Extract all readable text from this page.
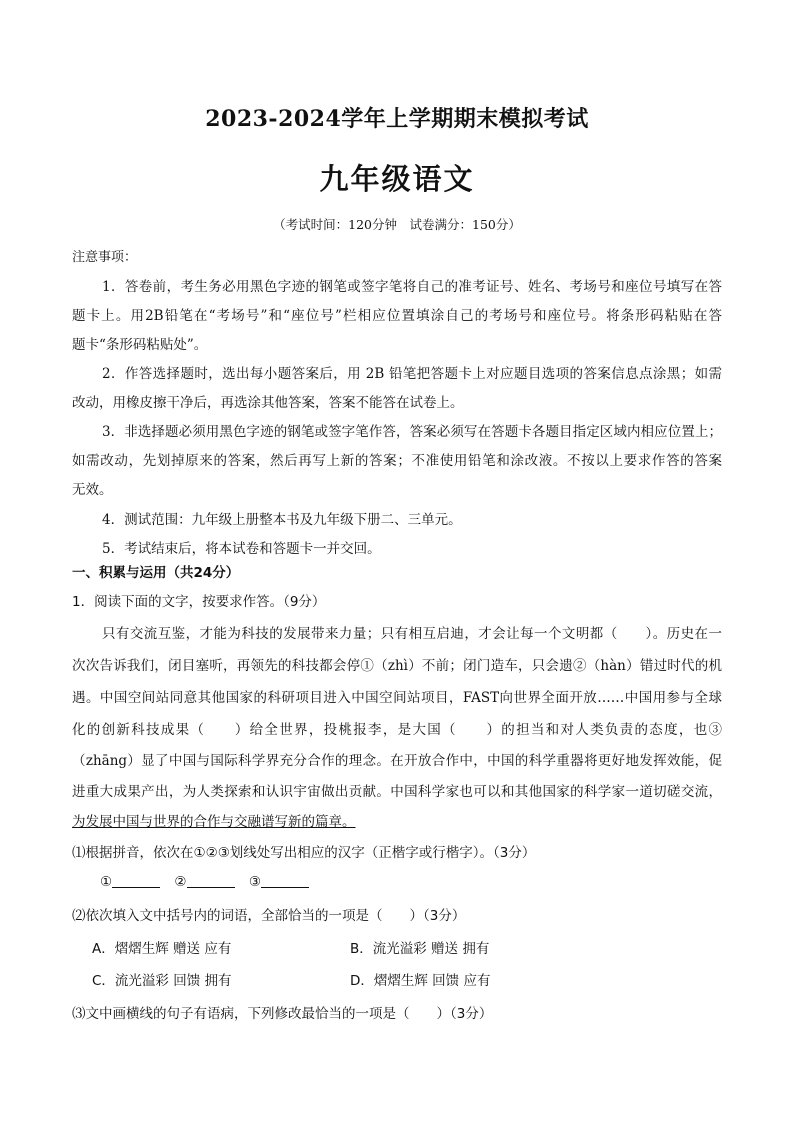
2023-2024学年上学期期末模拟考试
九年级语文
（考试时间：120分钟　试卷满分：150分）
注意事项：
1．答卷前，考生务必用黑色字迹的钢笔或签字笔将自己的准考证号、姓名、考场号和座位号填写在答
题卡上。用2B铅笔在“考场号”和“座位号”栏相应位置填涂自己的考场号和座位号。将条形码粘贴在答
题卡“条形码粘贴处”。
2．作答选择题时，选出每小题答案后，用 2B 铅笔把答题卡上对应题目选项的答案信息点涂黑；如需
改动，用橡皮擦干净后，再选涂其他答案，答案不能答在试卷上。
3．非选择题必须用黑色字迹的钢笔或签字笔作答，答案必须写在答题卡各题目指定区域内相应位置上；
如需改动，先划掉原来的答案，然后再写上新的答案；不准使用铅笔和涂改液。不按以上要求作答的答案
无效。
4．测试范围：九年级上册整本书及九年级下册二、三单元。
5．考试结束后，将本试卷和答题卡一并交回。
一、积累与运用（共24分）
1．阅读下面的文字，按要求作答。（9分）
只有交流互鉴，才能为科技的发展带来力量；只有相互启迪，才会让每一个文明都（　　）。历史在一
次次告诉我们，闭目塞听，再领先的科技都会停①（zhì）不前；闭门造车，只会遗②（hàn）错过时代的机
遇。中国空间站同意其他国家的科研项目进入中国空间站项目，FAST向世界全面开放……中国用参与全球
化的创新科技成果（　　）给全世界，投桃报李，是大国（　　）的担当和对人类负责的态度，也③
（zhāng）显了中国与国际科学界充分合作的理念。在开放合作中，中国的科学重器将更好地发挥效能，促
进重大成果产出，为人类探索和认识宇宙做出贡献。中国科学家也可以和其他国家的科学家一道切磋交流，
为发展中国与世界的合作与交融谱写新的篇章。
⑴根据拼音，依次在①②③划线处写出相应的汉字（正楷字或行楷字）。（3分）
①	②	③
⑵依次填入文中括号内的词语，全部恰当的一项是（　　）（3分）
A．熠熠生辉 赠送 应有	B．流光溢彩 赠送 拥有
C．流光溢彩 回馈 拥有	D．熠熠生辉 回馈 应有
⑶文中画横线的句子有语病，下列修改最恰当的一项是（　　）（3分）
